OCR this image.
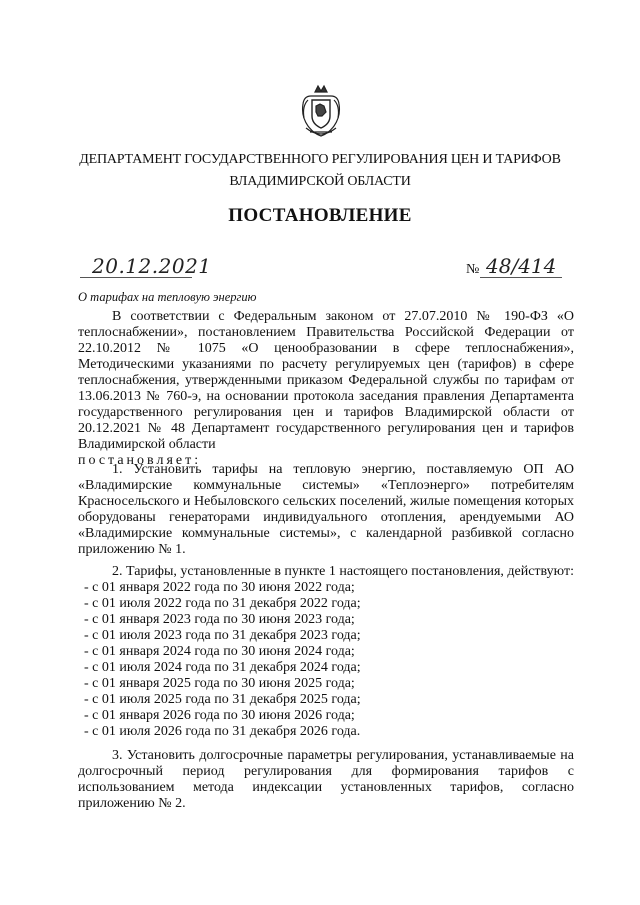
ДЕПАРТАМЕНТ ГОСУДАРСТВЕННОГО РЕГУЛИРОВАНИЯ ЦЕН И ТАРИФОВ
ВЛАДИМИРСКОЙ ОБЛАСТИ
ПОСТАНОВЛЕНИЕ
20.12.2021	№ 48/414
О тарифах на тепловую энергию

В соответствии с Федеральным законом от 27.07.2010 № 190-ФЗ «О теплоснабжении», постановлением Правительства Российской Федерации от 22.10.2012 № 1075 «О ценообразовании в сфере теплоснабжения», Методическими указаниями по расчету регулируемых цен (тарифов) в сфере теплоснабжения, утвержденными приказом Федеральной службы по тарифам от 13.06.2013 № 760-э, на основании протокола заседания правления Департамента государственного регулирования цен и тарифов Владимирской области от 20.12.2021 № 48 Департамент государственного регулирования цен и тарифов Владимирской области

постановляет:

1. Установить тарифы на тепловую энергию, поставляемую ОП АО «Владимирские коммунальные системы» «Теплоэнерго» потребителям Красносельского и Небыловского сельских поселений, жилые помещения которых оборудованы генераторами индивидуального отопления, арендуемыми АО «Владимирские коммунальные системы», с календарной разбивкой согласно приложению № 1.

2. Тарифы, установленные в пункте 1 настоящего постановления, действуют:

- с 01 января 2022 года по 30 июня 2022 года;
- с 01 июля 2022 года по 31 декабря 2022 года;
- с 01 января 2023 года по 30 июня 2023 года;
- с 01 июля 2023 года по 31 декабря 2023 года;
- с 01 января 2024 года по 30 июня 2024 года;
- с 01 июля 2024 года по 31 декабря 2024 года;
- с 01 января 2025 года по 30 июня 2025 года;
- с 01 июля 2025 года по 31 декабря 2025 года;
- с 01 января 2026 года по 30 июня 2026 года;
- с 01 июля 2026 года по 31 декабря 2026 года.

3. Установить долгосрочные параметры регулирования, устанавливаемые на долгосрочный период регулирования для формирования тарифов с использованием метода индексации установленных тарифов, согласно приложению № 2.
